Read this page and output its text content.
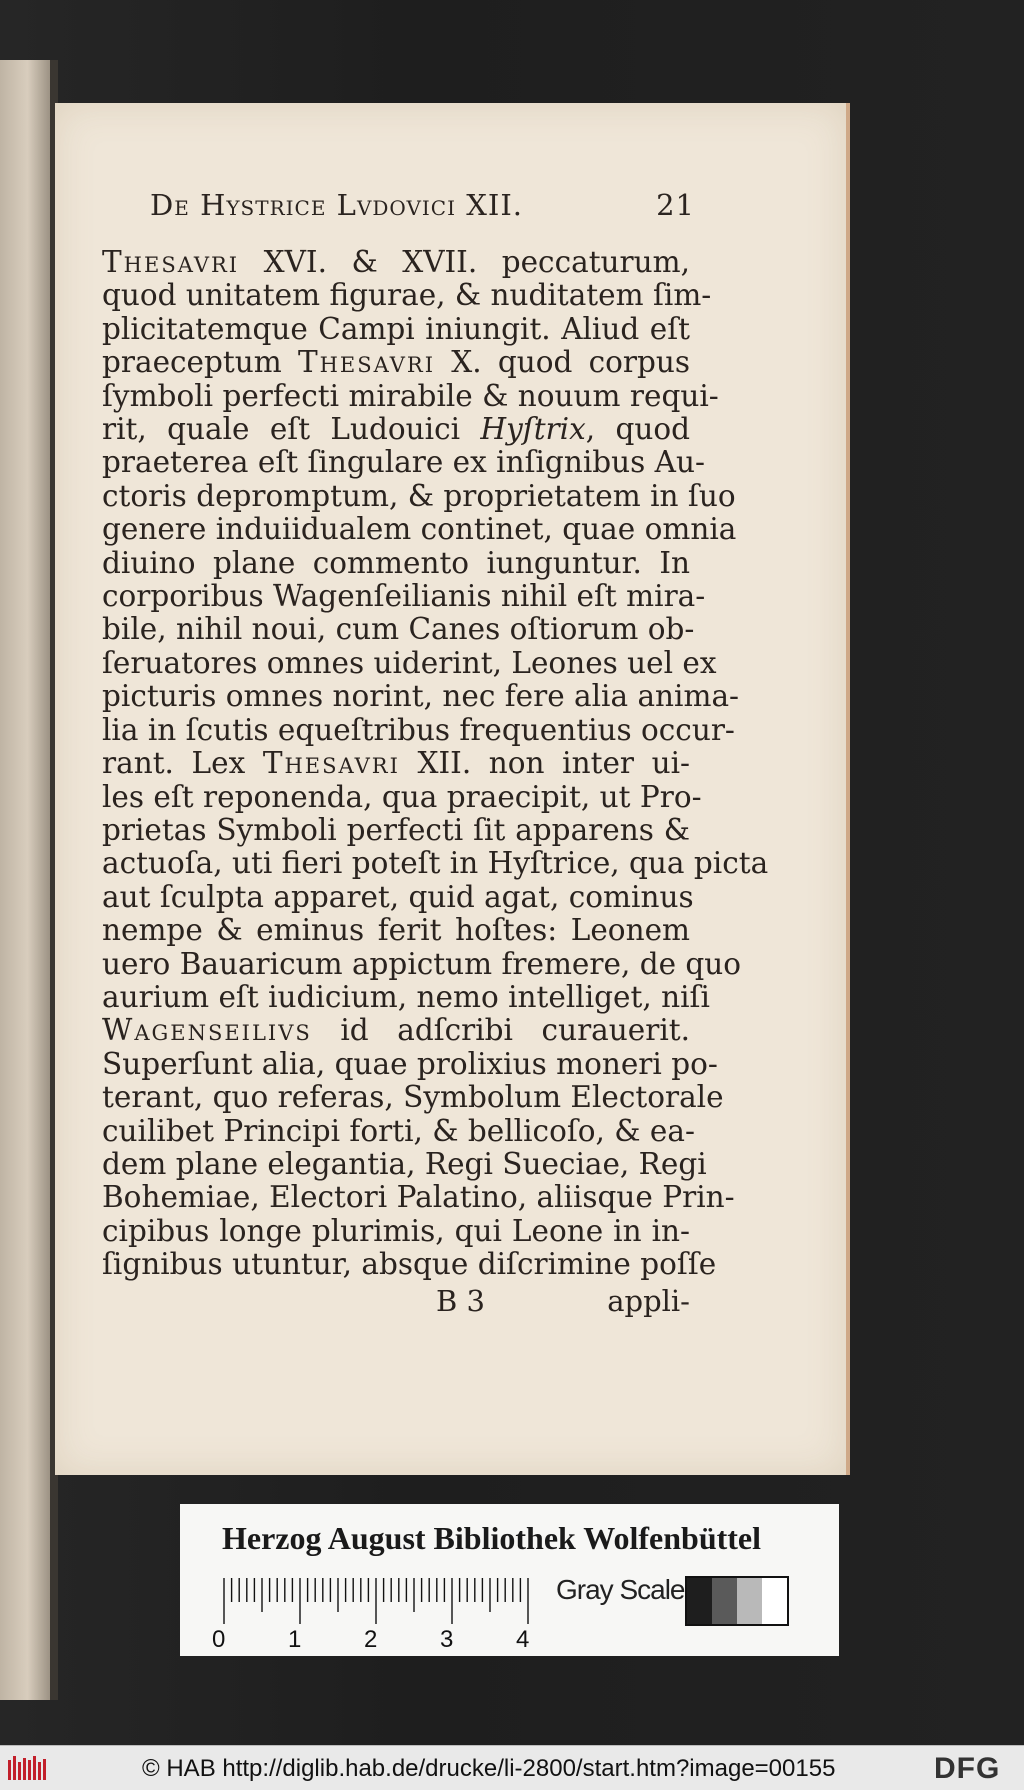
De Hystrice Lvdovici XII.	21
Thesavri XVI. & XVII. peccaturum,
quod unitatem figurae, & nuditatem ſim-
plicitatemque Campi iniungit. Aliud eſt
praeceptum Thesavri X. quod corpus
ſymboli perfecti mirabile & nouum requi-
rit, quale eſt Ludouici Hyſtrix, quod
praeterea eſt ſingulare ex inſignibus Au-
ctoris depromptum, & proprietatem in ſuo
genere induiidualem continet, quae omnia
diuino plane commento iunguntur. In
corporibus Wagenſeilianis nihil eſt mira-
bile, nihil noui, cum Canes oſtiorum ob-
ſeruatores omnes uiderint, Leones uel ex
picturis omnes norint, nec fere alia anima-
lia in ſcutis equeſtribus frequentius occur-
rant. Lex Thesavri XII. non inter ui-
les eſt reponenda, qua praecipit, ut Pro-
prietas Symboli perfecti ſit apparens &
actuoſa, uti fieri poteſt in Hyſtrice, qua picta
aut ſculpta apparet, quid agat, cominus
nempe & eminus ferit hoſtes: Leonem
uero Bauaricum appictum fremere, de quo
aurium eſt iudicium, nemo intelliget, niſi
Wagenseilivs id adſcribi curauerit.
Superſunt alia, quae prolixius moneri po-
terant, quo referas, Symbolum Electorale
cuilibet Principi forti, & bellicoſo, & ea-
dem plane elegantia, Regi Sueciae, Regi
Bohemiae, Electori Palatino, aliisque Prin-
cipibus longe plurimis, qui Leone in in-
ſignibus utuntur, absque diſcrimine poſſe
B 3	appli-
Herzog August Bibliothek Wolfenbüttel
0	1	2	3	4
Gray Scale
© HAB http://diglib.hab.de/drucke/li-2800/start.htm?image=00155	DFG
